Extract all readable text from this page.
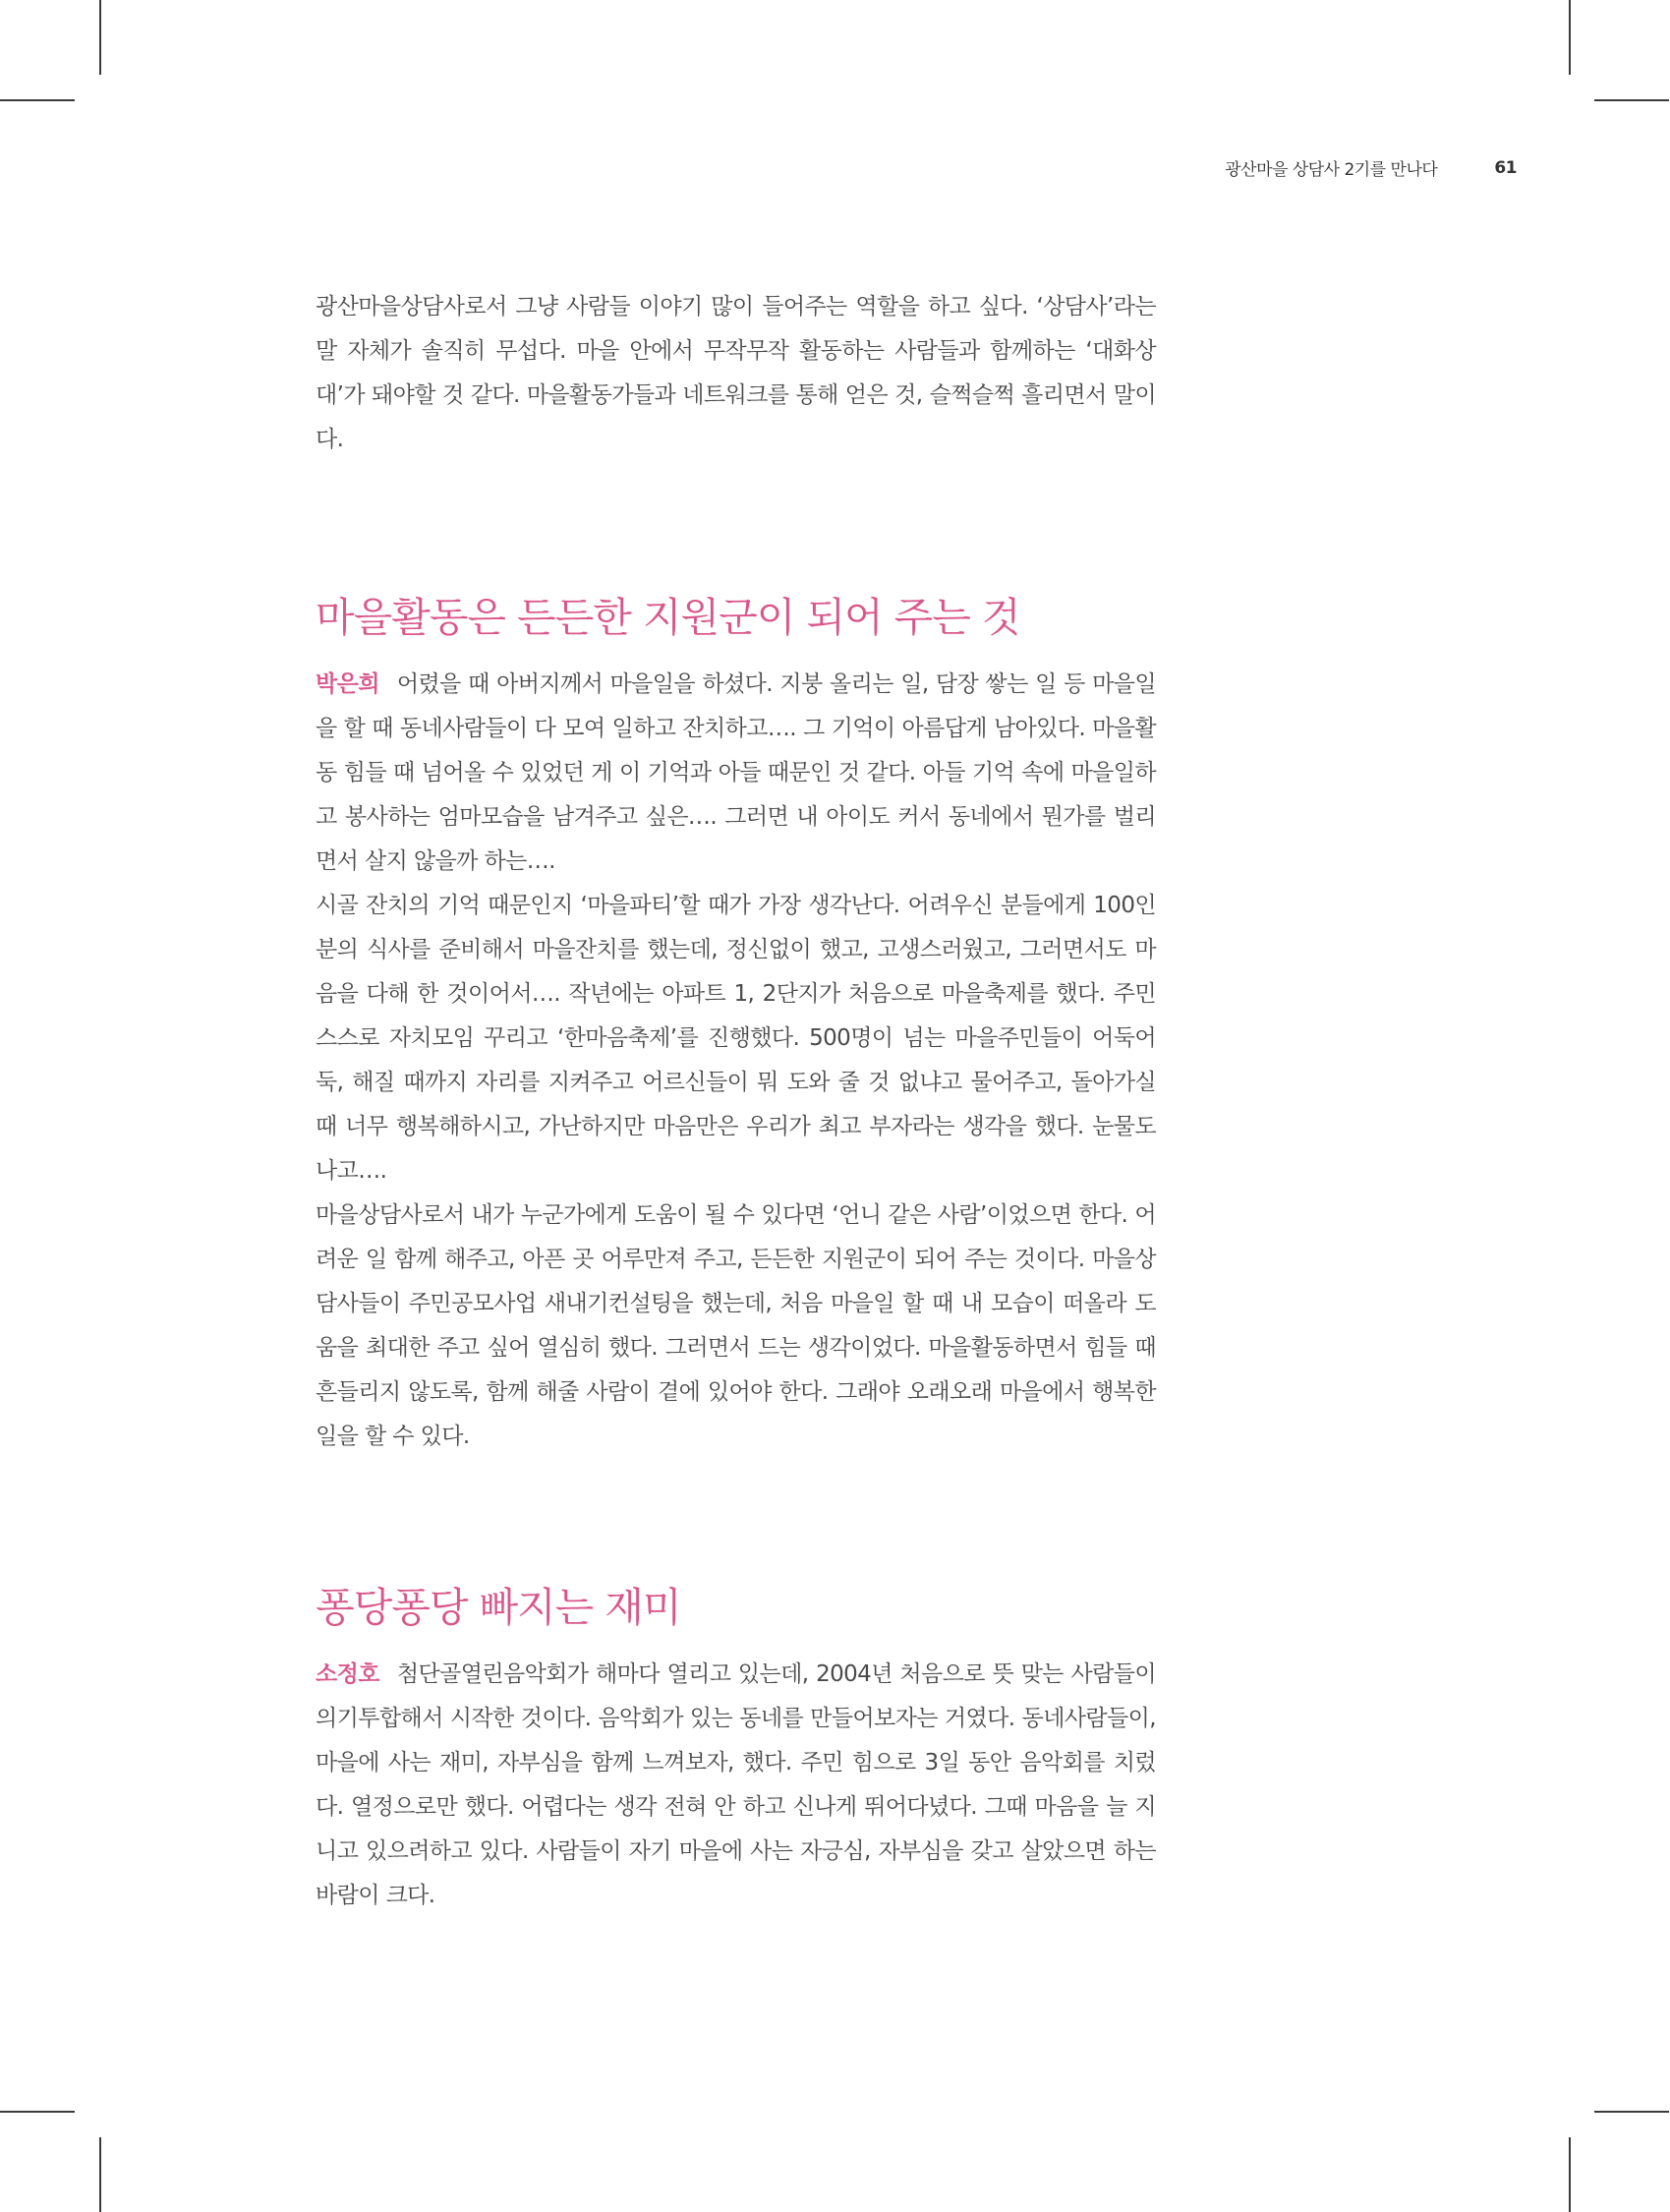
광산마을 상담사 2기를 만나다	61

광산마을상담사로서 그냥 사람들 이야기 많이 들어주는 역할을 하고 싶다. ‘상담사’라는 말 자체가 솔직히 무섭다. 마을 안에서 무작무작 활동하는 사람들과 함께하는 ‘대화상대’가 돼야할 것 같다. 마을활동가들과 네트워크를 통해 얻은 것, 슬쩍슬쩍 흘리면서 말이다.

마을활동은 든든한 지원군이 되어 주는 것

박은희 어렸을 때 아버지께서 마을일을 하셨다. 지붕 올리는 일, 담장 쌓는 일 등 마을일을 할 때 동네사람들이 다 모여 일하고 잔치하고…. 그 기억이 아름답게 남아있다. 마을활동 힘들 때 넘어올 수 있었던 게 이 기억과 아들 때문인 것 같다. 아들 기억 속에 마을일하고 봉사하는 엄마모습을 남겨주고 싶은…. 그러면 내 아이도 커서 동네에서 뭔가를 벌리면서 살지 않을까 하는….

시골 잔치의 기억 때문인지 ‘마을파티’할 때가 가장 생각난다. 어려우신 분들에게 100인분의 식사를 준비해서 마을잔치를 했는데, 정신없이 했고, 고생스러웠고, 그러면서도 마음을 다해 한 것이어서…. 작년에는 아파트 1, 2단지가 처음으로 마을축제를 했다. 주민 스스로 자치모임 꾸리고 ‘한마음축제’를 진행했다. 500명이 넘는 마을주민들이 어둑어둑, 해질 때까지 자리를 지켜주고 어르신들이 뭐 도와 줄 것 없냐고 물어주고, 돌아가실 때 너무 행복해하시고, 가난하지만 마음만은 우리가 최고 부자라는 생각을 했다. 눈물도 나고….

마을상담사로서 내가 누군가에게 도움이 될 수 있다면 ‘언니 같은 사람’이었으면 한다. 어려운 일 함께 해주고, 아픈 곳 어루만져 주고, 든든한 지원군이 되어 주는 것이다. 마을상담사들이 주민공모사업 새내기컨설팅을 했는데, 처음 마을일 할 때 내 모습이 떠올라 도움을 최대한 주고 싶어 열심히 했다. 그러면서 드는 생각이었다. 마을활동하면서 힘들 때 흔들리지 않도록, 함께 해줄 사람이 곁에 있어야 한다. 그래야 오래오래 마을에서 행복한 일을 할 수 있다.

퐁당퐁당 빠지는 재미

소정호 첨단골열린음악회가 해마다 열리고 있는데, 2004년 처음으로 뜻 맞는 사람들이 의기투합해서 시작한 것이다. 음악회가 있는 동네를 만들어보자는 거였다. 동네사람들이, 마을에 사는 재미, 자부심을 함께 느껴보자, 했다. 주민 힘으로 3일 동안 음악회를 치렀다. 열정으로만 했다. 어렵다는 생각 전혀 안 하고 신나게 뛰어다녔다. 그때 마음을 늘 지니고 있으려하고 있다. 사람들이 자기 마을에 사는 자긍심, 자부심을 갖고 살았으면 하는 바람이 크다.
